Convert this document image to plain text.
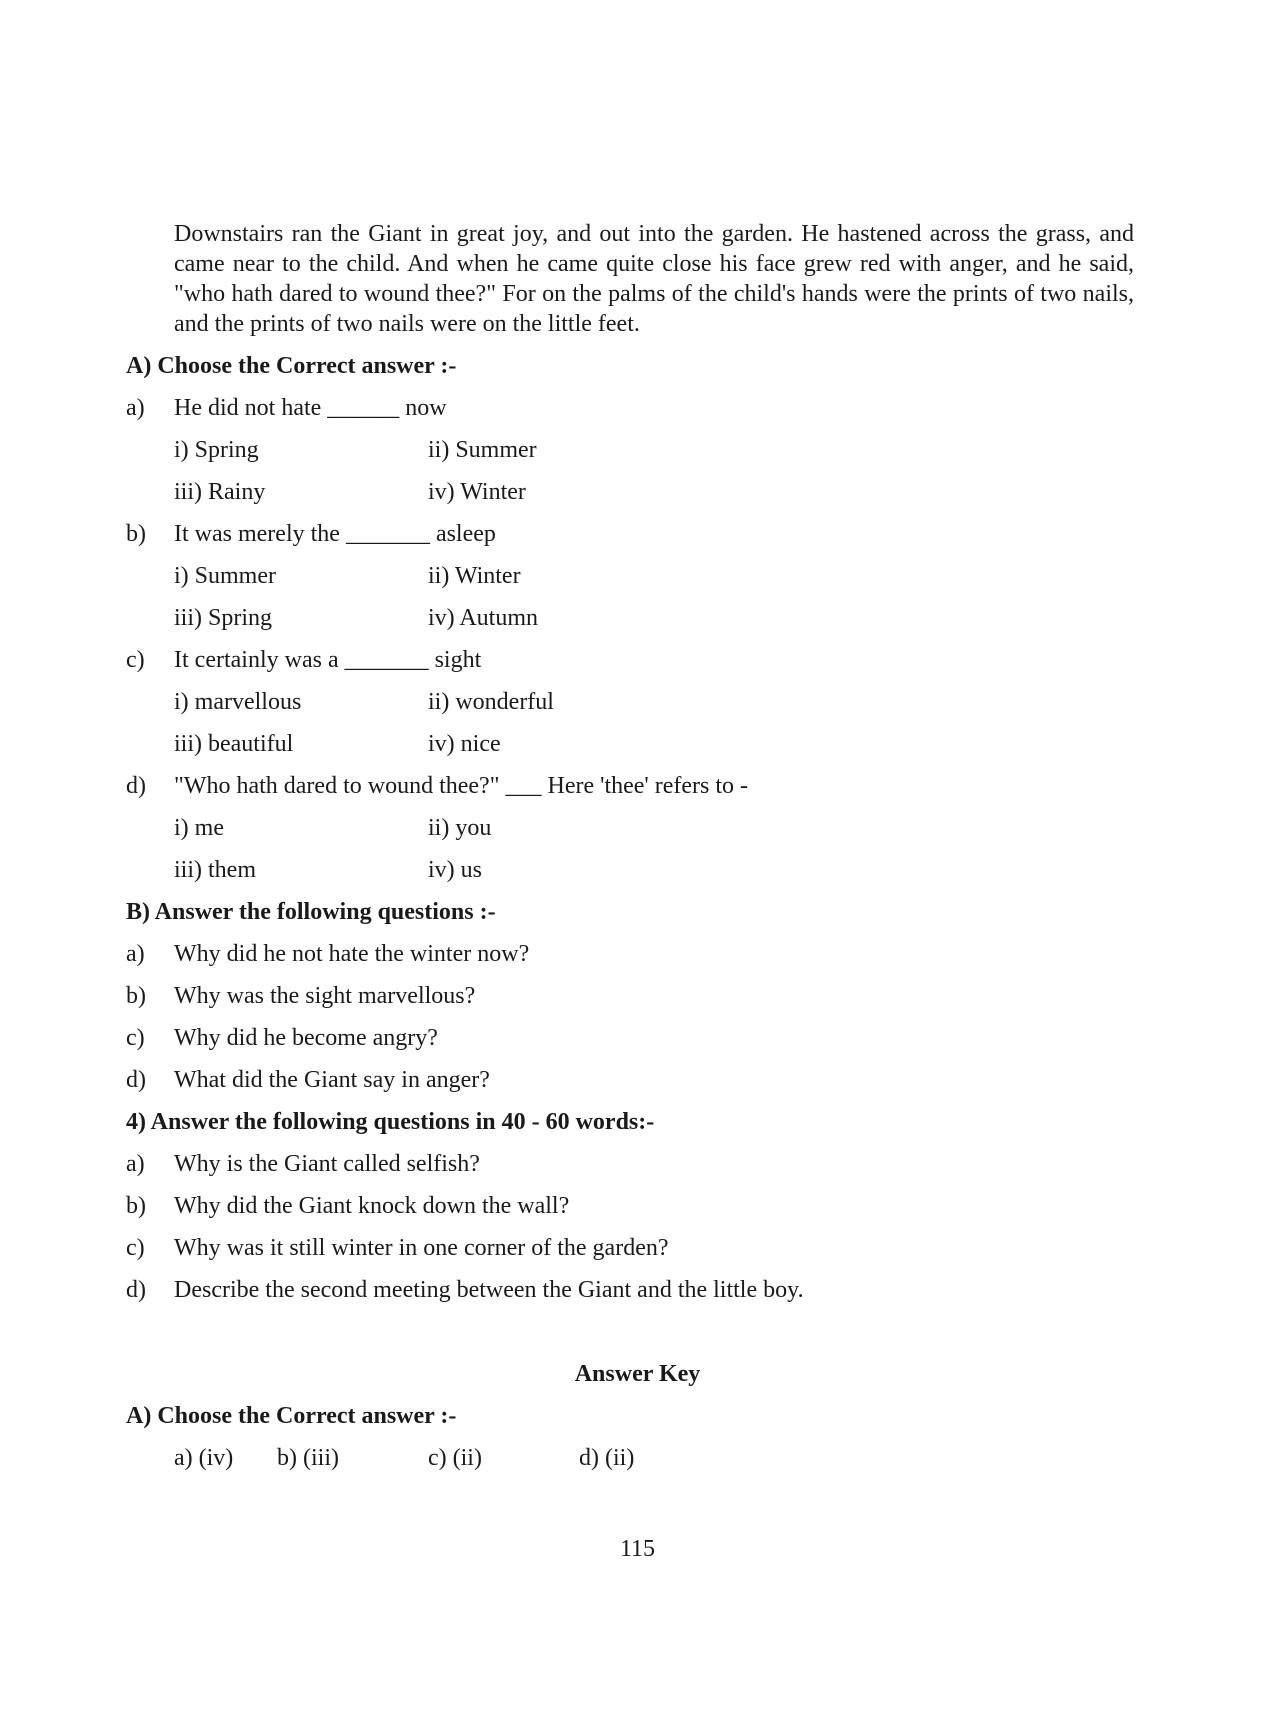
Downstairs ran the Giant in great joy, and out into the garden. He hastened across the grass, and came near to the child. And when he came quite close his face grew red with anger, and he said, "who hath dared to wound thee?" For on the palms of the child's hands were the prints of two nails, and the prints of two nails were on the little feet.

A) Choose the Correct answer :-
a) He did not hate ______ now
i) Spring	ii) Summer
iii) Rainy	iv) Winter
b) It was merely the _______ asleep
i) Summer	ii) Winter
iii) Spring	iv) Autumn
c) It certainly was a _______ sight
i) marvellous	ii) wonderful
iii) beautiful	iv) nice
d) "Who hath dared to wound thee?" ___ Here 'thee' refers to -
i) me	ii) you
iii) them	iv) us
B) Answer the following questions :-
a) Why did he not hate the winter now?
b) Why was the sight marvellous?
c) Why did he become angry?
d) What did the Giant say in anger?
4) Answer the following questions in 40 - 60 words:-
a) Why is the Giant called selfish?
b) Why did the Giant knock down the wall?
c) Why was it still winter in one corner of the garden?
d) Describe the second meeting between the Giant and the little boy.
Answer Key
A) Choose the Correct answer :-
a) (iv) b) (iii)	c) (ii)	d) (ii)
115
